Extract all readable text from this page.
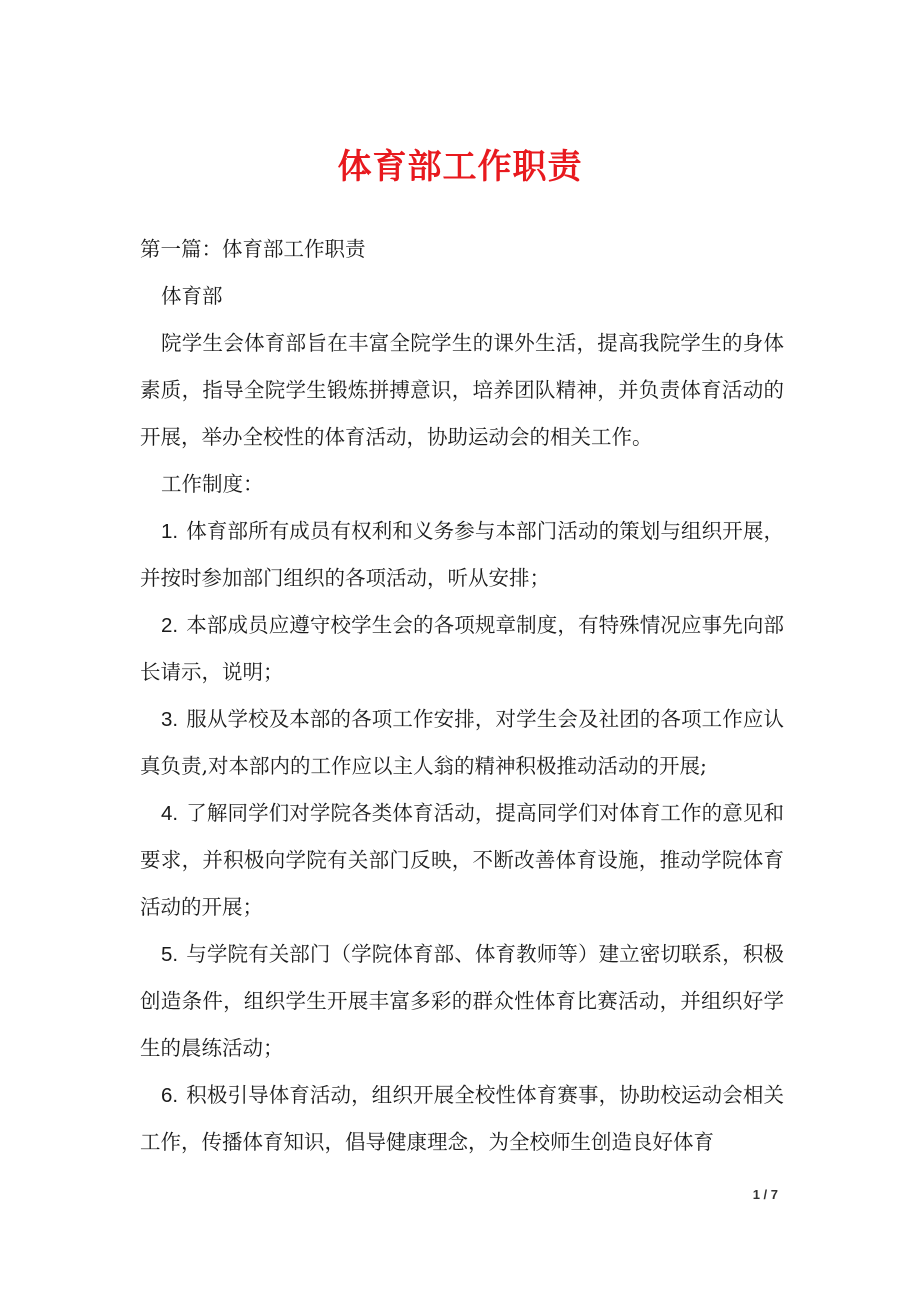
体育部工作职责

第一篇：体育部工作职责

体育部

院学生会体育部旨在丰富全院学生的课外生活，提高我院学生的身体素质，指导全院学生锻炼拼搏意识，培养团队精神，并负责体育活动的开展，举办全校性的体育活动，协助运动会的相关工作。

工作制度：

1. 体育部所有成员有权利和义务参与本部门活动的策划与组织开展，并按时参加部门组织的各项活动，听从安排；

2. 本部成员应遵守校学生会的各项规章制度，有特殊情况应事先向部长请示，说明；

3. 服从学校及本部的各项工作安排，对学生会及社团的各项工作应认真负责,对本部内的工作应以主人翁的精神积极推动活动的开展;

4. 了解同学们对学院各类体育活动，提高同学们对体育工作的意见和要求，并积极向学院有关部门反映，不断改善体育设施，推动学院体育活动的开展；

5. 与学院有关部门（学院体育部、体育教师等）建立密切联系，积极创造条件，组织学生开展丰富多彩的群众性体育比赛活动，并组织好学生的晨练活动；

6. 积极引导体育活动，组织开展全校性体育赛事，协助校运动会相关工作，传播体育知识，倡导健康理念，为全校师生创造良好体育

1 / 7
